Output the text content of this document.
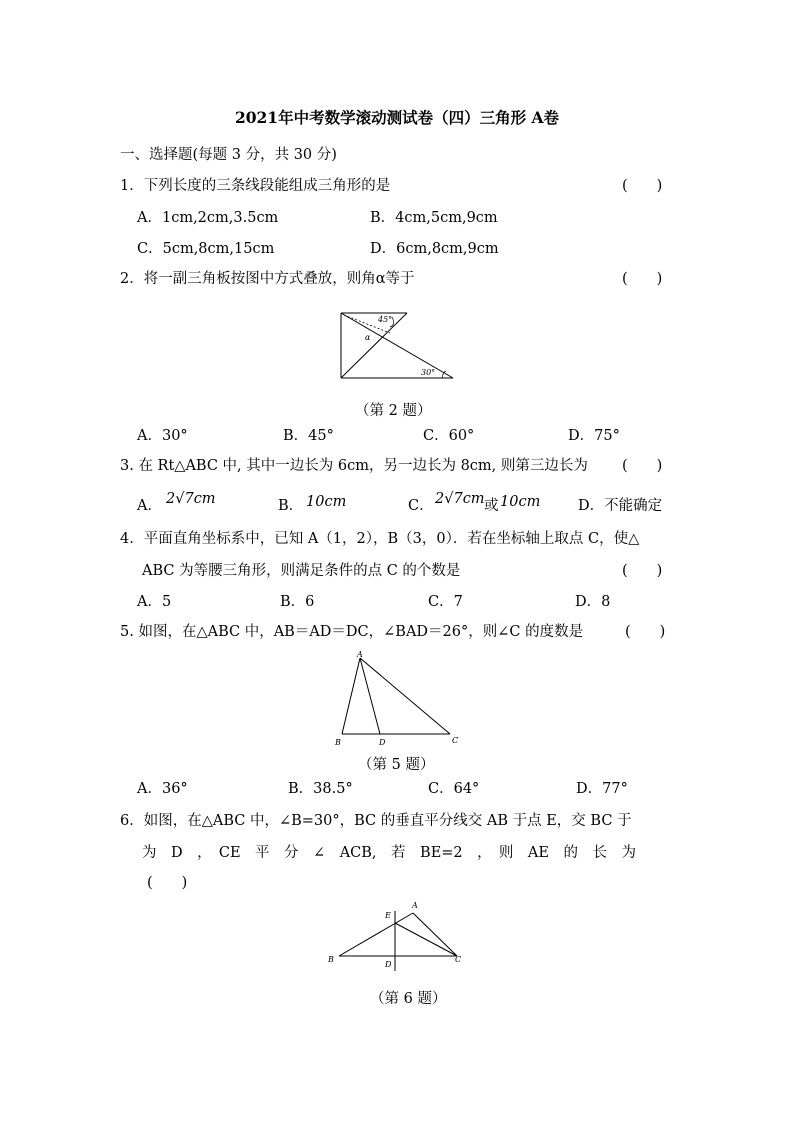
2021年中考数学滚动测试卷（四）三角形 A卷
一、选择题(每题 3 分，共 30 分)
1．下列长度的三条线段能组成三角形的是	(　　)
A．1cm,2cm,3.5cm	B．4cm,5cm,9cm
C．5cm,8cm,15cm	D．6cm,8cm,9cm
2．将一副三角板按图中方式叠放，则角α等于	(　　)
45°
α
30°
（第 2 题）
A．30°	B．45°	C．60°	D．75°
3. 在 Rt△ABC 中, 其中一边长为 6cm，另一边长为 8cm, 则第三边长为 (　　)
A． 2√7cm	B． 10cm	C． 2√7cm 或 10cm	D．不能确定
4．平面直角坐标系中，已知 A（1，2），B（3，0）．若在坐标轴上取点 C，使△
ABC 为等腰三角形，则满足条件的点 C 的个数是	(　　)
A．5	B．6	C．7	D．8
5. 如图，在△ABC 中，AB＝AD＝DC，∠BAD＝26°，则∠C 的度数是	(　　)
A
B	D	C
（第 5 题）
A．36°	B．38.5°	C．64°	D．77°
6．如图，在△ABC 中，∠B=30°，BC 的垂直平分线交 AB 于点 E，交 BC 于
为　D　，　CE　平　分　∠　ACB,　若　BE=2　，　则　AE　的　长　为
(　　)
E
A
B
D
C
（第 6 题）
